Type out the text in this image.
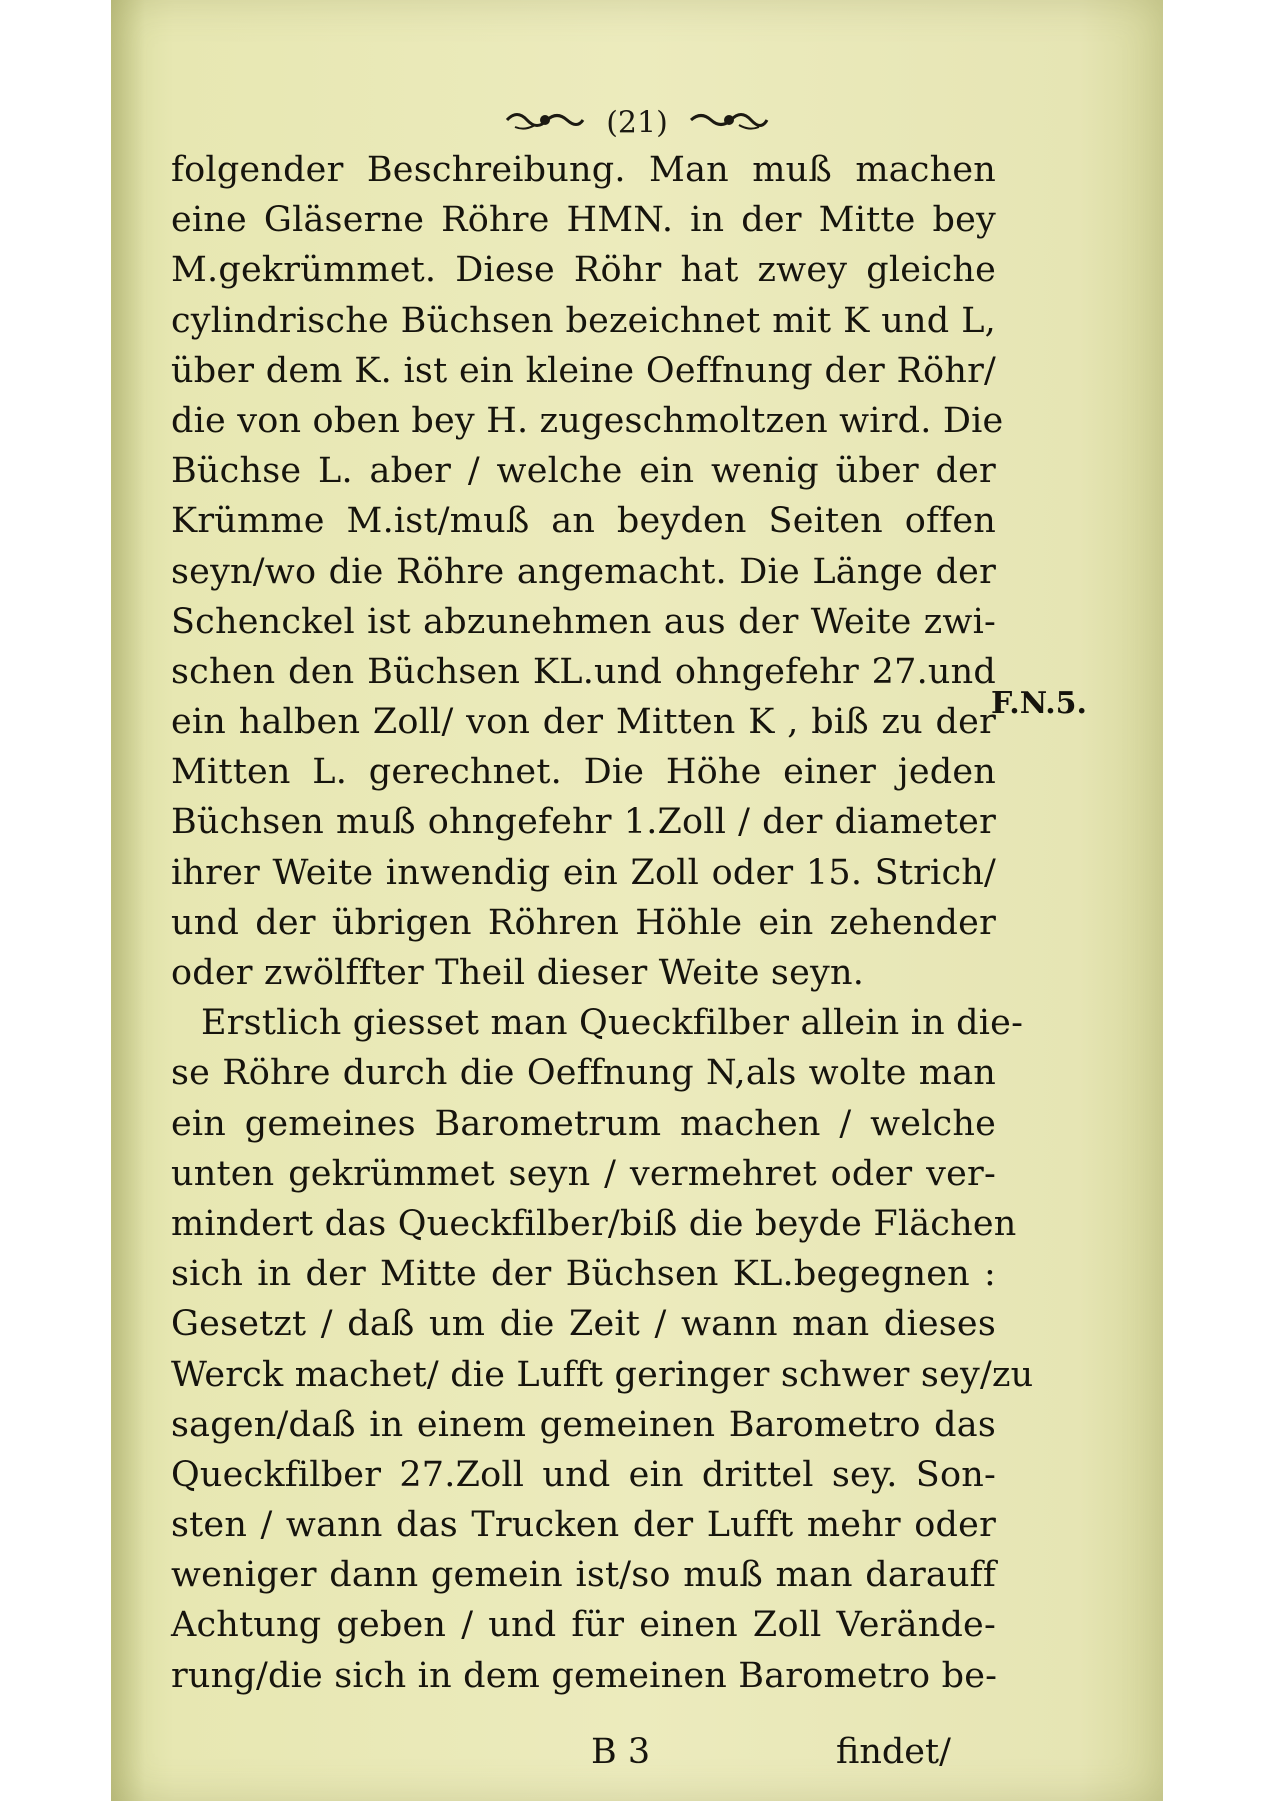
(21)
folgender Beschreibung. Man muß machen
eine Gläserne Röhre HMN. in der Mitte bey
M.gekrümmet. Diese Röhr hat zwey gleiche
cylindrische Büchsen bezeichnet mit K und L,
über dem K. ist ein kleine Oeffnung der Röhr/
die von oben bey H. zugeschmoltzen wird. Die
Büchse L. aber / welche ein wenig über der
Krümme M.ist/muß an beyden Seiten offen
seyn/wo die Röhre angemacht. Die Länge der
Schenckel ist abzunehmen aus der Weite zwi-
schen den Büchsen KL.und ohngefehr 27.und
ein halben Zoll/ von der Mitten K , biß zu der
Mitten L. gerechnet. Die Höhe einer jeden
Büchsen muß ohngefehr 1.Zoll / der diameter
ihrer Weite inwendig ein Zoll oder 15. Strich/
und der übrigen Röhren Höhle ein zehender
oder zwölffter Theil dieser Weite seyn.
Erstlich giesset man Queckfilber allein in die-
se Röhre durch die Oeffnung N,als wolte man
ein gemeines Barometrum machen / welche
unten gekrümmet seyn / vermehret oder ver-
mindert das Queckfilber/biß die beyde Flächen
sich in der Mitte der Büchsen KL.begegnen :
Gesetzt / daß um die Zeit / wann man dieses
Werck machet/ die Lufft geringer schwer sey/zu
sagen/daß in einem gemeinen Barometro das
Queckfilber 27.Zoll und ein drittel sey. Son-
sten / wann das Trucken der Lufft mehr oder
weniger dann gemein ist/so muß man darauff
Achtung geben / und für einen Zoll Verände-
rung/die sich in dem gemeinen Barometro be-
F.N.5.
B 3	findet/
